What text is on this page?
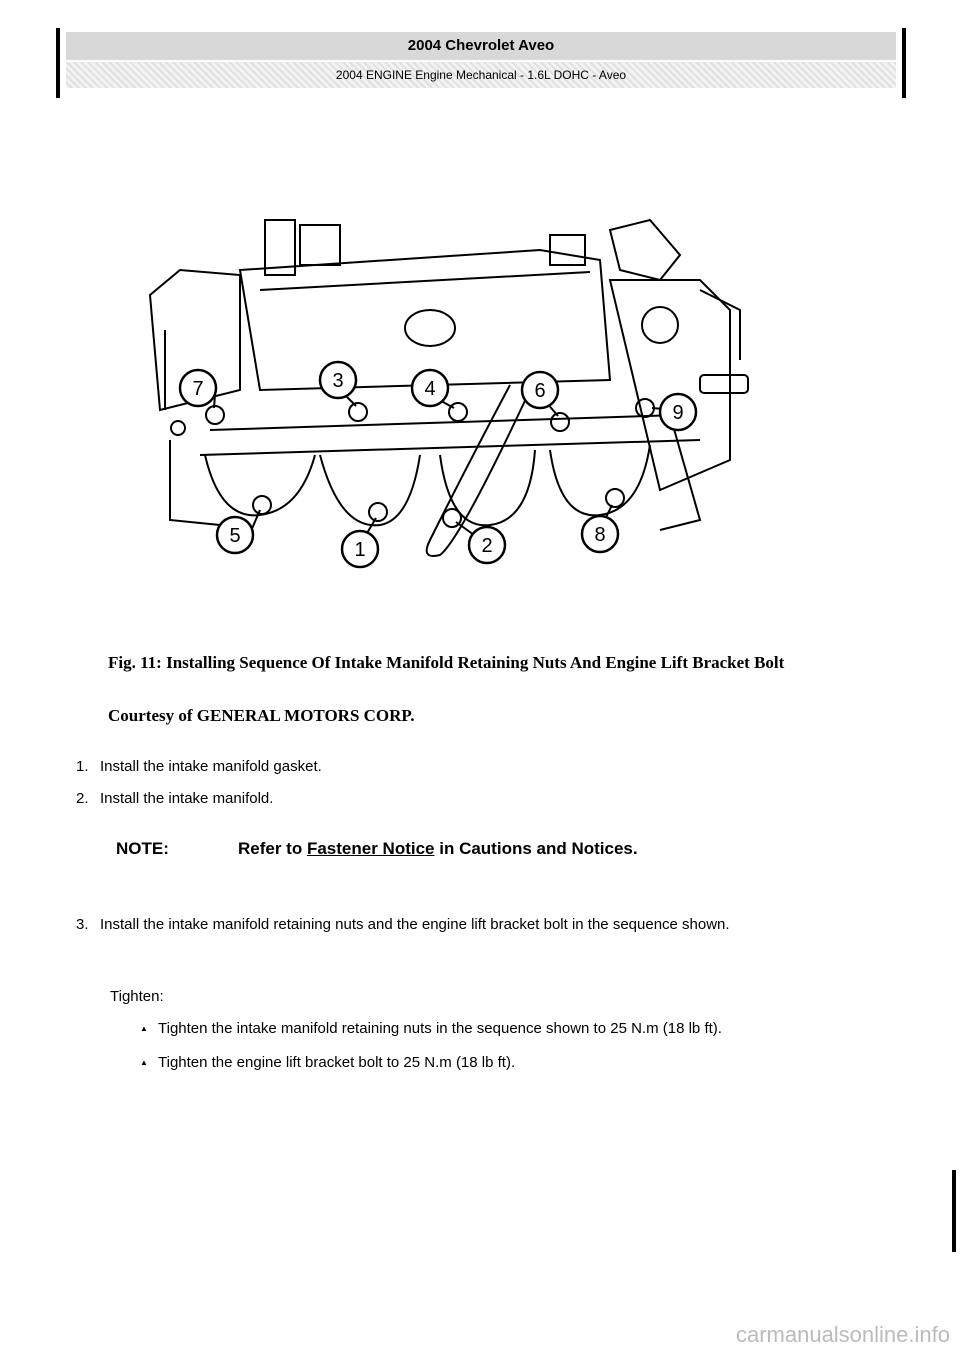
2004 Chevrolet Aveo
2004 ENGINE Engine Mechanical - 1.6L DOHC - Aveo
5
1	2	8
3	4	6
7
9
Fig. 11: Installing Sequence Of Intake Manifold Retaining Nuts And Engine Lift Bracket Bolt
Courtesy of GENERAL MOTORS CORP.
1. Install the intake manifold gasket.
2. Install the intake manifold.
NOTE:	Refer to Fastener Notice in Cautions and Notices.
3. Install the intake manifold retaining nuts and the engine lift bracket bolt in the sequence shown.
Tighten:
▲ Tighten the intake manifold retaining nuts in the sequence shown to 25 N.m (18 lb ft).
▲ Tighten the engine lift bracket bolt to 25 N.m (18 lb ft).
carmanualsonline.info
